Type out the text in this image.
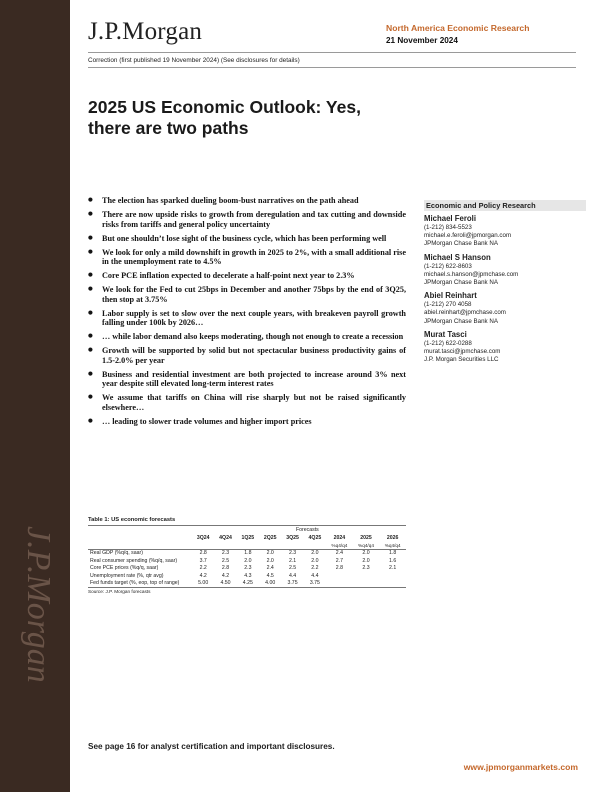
J.P.Morgan
J.P.Morgan	North America Economic Research
21 November 2024
Correction (first published 19 November 2024) (See disclosures for details)
2025 US Economic Outlook: Yes,
there are two paths
● The election has sparked dueling boom-bust narratives on the path ahead
● There are now upside risks to growth from deregulation and tax cutting and downside risks from tariffs and general policy uncertainty
● But one shouldn’t lose sight of the business cycle, which has been performing well
● We look for only a mild downshift in growth in 2025 to 2%, with a small additional rise in the unemployment rate to 4.5%
● Core PCE inflation expected to decelerate a half-point next year to 2.3%
● We look for the Fed to cut 25bps in December and another 75bps by the end of 3Q25, then stop at 3.75%
● Labor supply is set to slow over the next couple years, with breakeven payroll growth falling under 100k by 2026…
● … while labor demand also keeps moderating, though not enough to create a recession
● Growth will be supported by solid but not spectacular business productivity gains of 1.5-2.0% per year
● Business and residential investment are both projected to increase around 3% next year despite still elevated long-term interest rates
● We assume that tariffs on China will rise sharply but not be raised significantly elsewhere…
● … leading to slower trade volumes and higher import prices
Economic and Policy Research
Michael Feroli
(1-212) 834-5523
michael.e.feroli@jpmorgan.com
JPMorgan Chase Bank NA
Michael S Hanson
(1-212) 622-8603
michael.s.hanson@jpmchase.com
JPMorgan Chase Bank NA
Abiel Reinhart
(1-212) 270 4058
abiel.reinhart@jpmchase.com
JPMorgan Chase Bank NA
Murat Tasci
(1-212) 622-0288
murat.tasci@jpmchase.com
J.P. Morgan Securities LLC
Table 1: US economic forecasts
Forecasts
	3Q24	4Q24	1Q25	2Q25	3Q25	4Q25	2024	2025	2026
							%q4/q4	%q4/q4	%q4/q4
Real GDP (%q/q, saar)	2.8	2.3	1.8	2.0	2.3	2.0	2.4	2.0	1.8
Real consumer spending (%q/q, saar)	3.7	2.5	2.0	2.0	2.1	2.0	2.7	2.0	1.6
Core PCE prices (%q/q, saar)	2.2	2.8	2.3	2.4	2.5	2.2	2.8	2.3	2.1
Unemployment rate (%, qtr avg)	4.2	4.2	4.3	4.5	4.4	4.4			
Fed funds target (%, eop, top of range)	5.00	4.50	4.25	4.00	3.75	3.75			
Source: J.P. Morgan forecasts
See page 16 for analyst certification and important disclosures.
www.jpmorganmarkets.com
